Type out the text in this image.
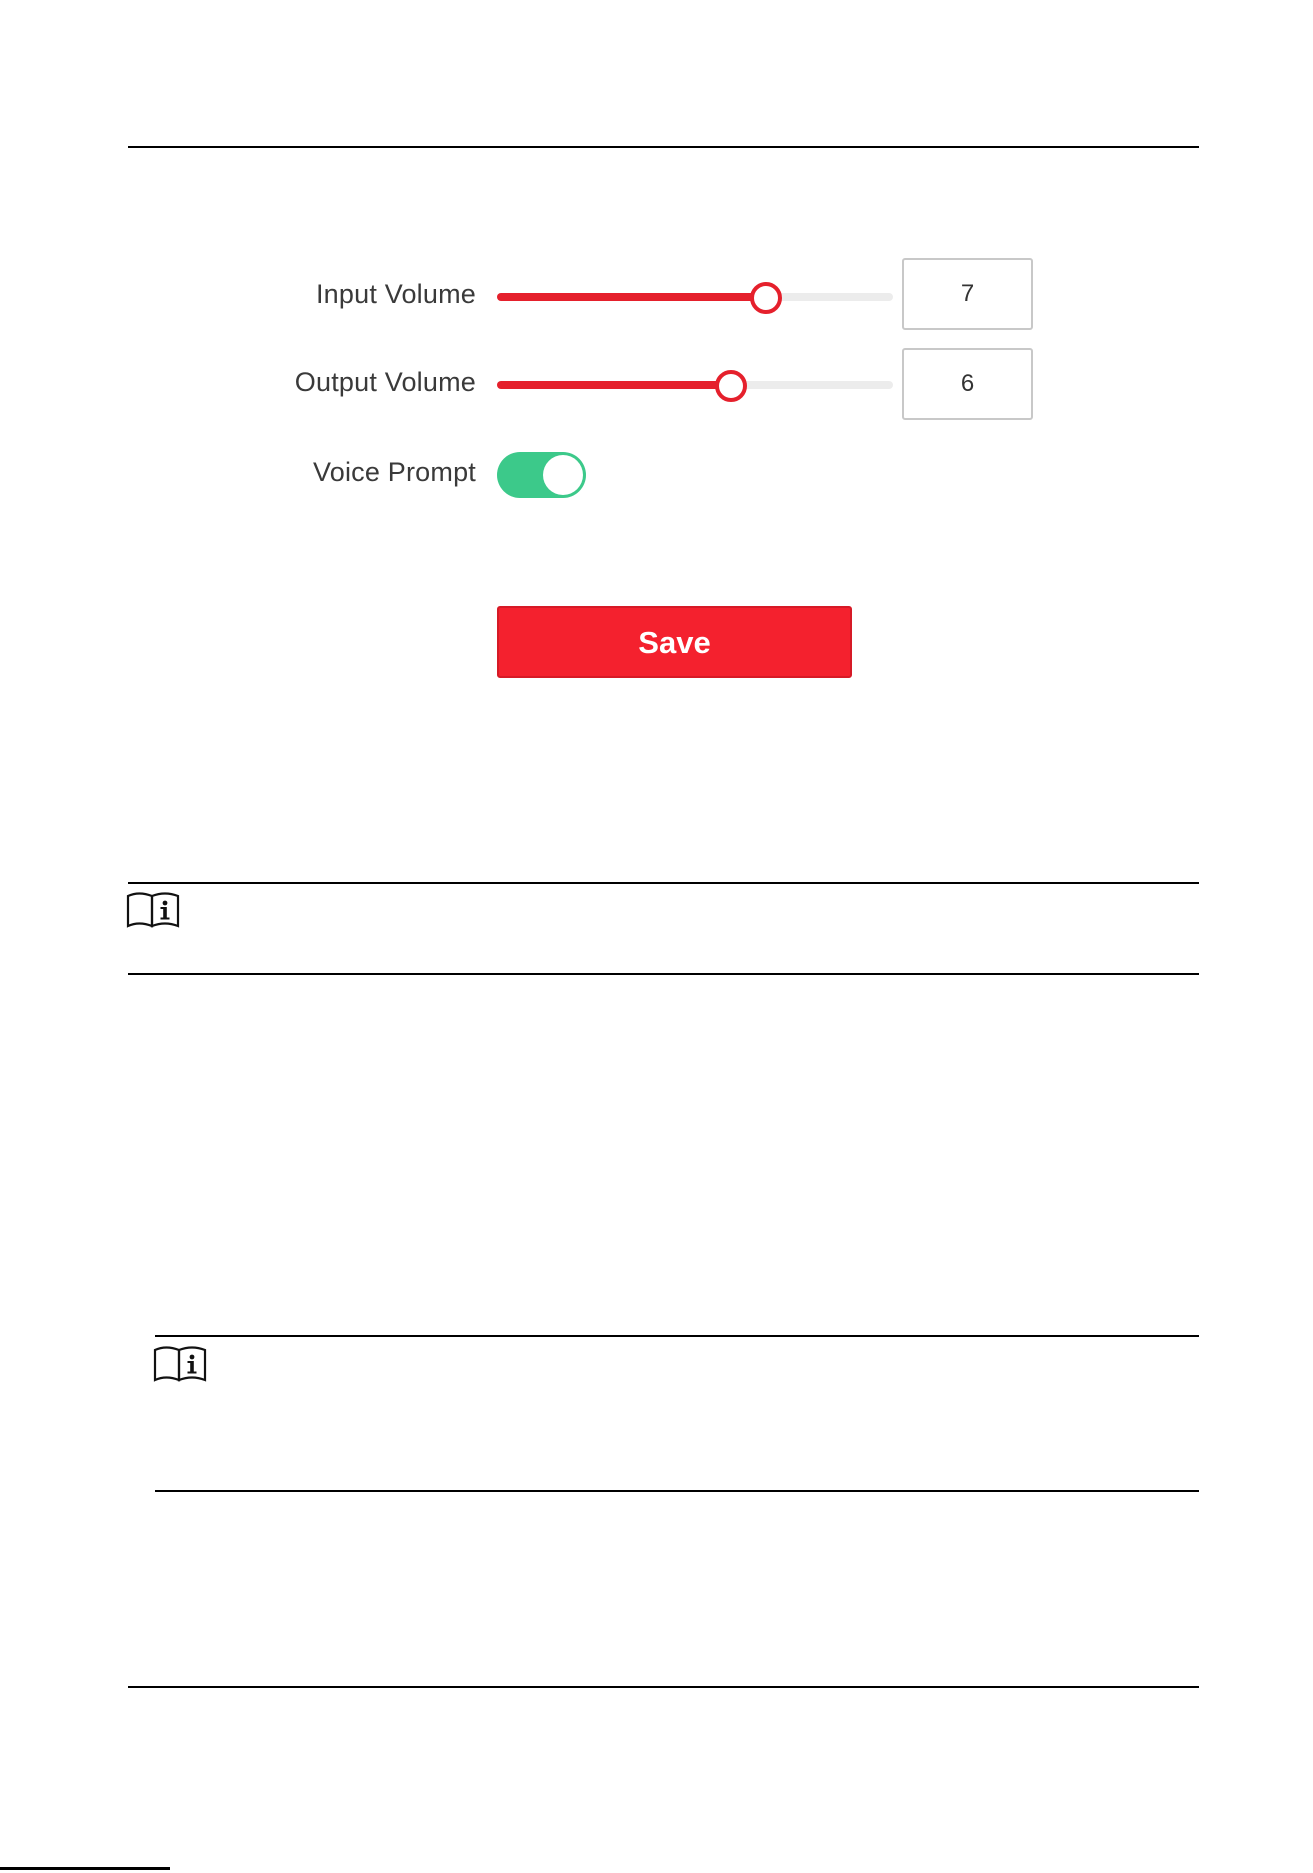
Input Volume	7
Output Volume	6
Voice Prompt
Save
